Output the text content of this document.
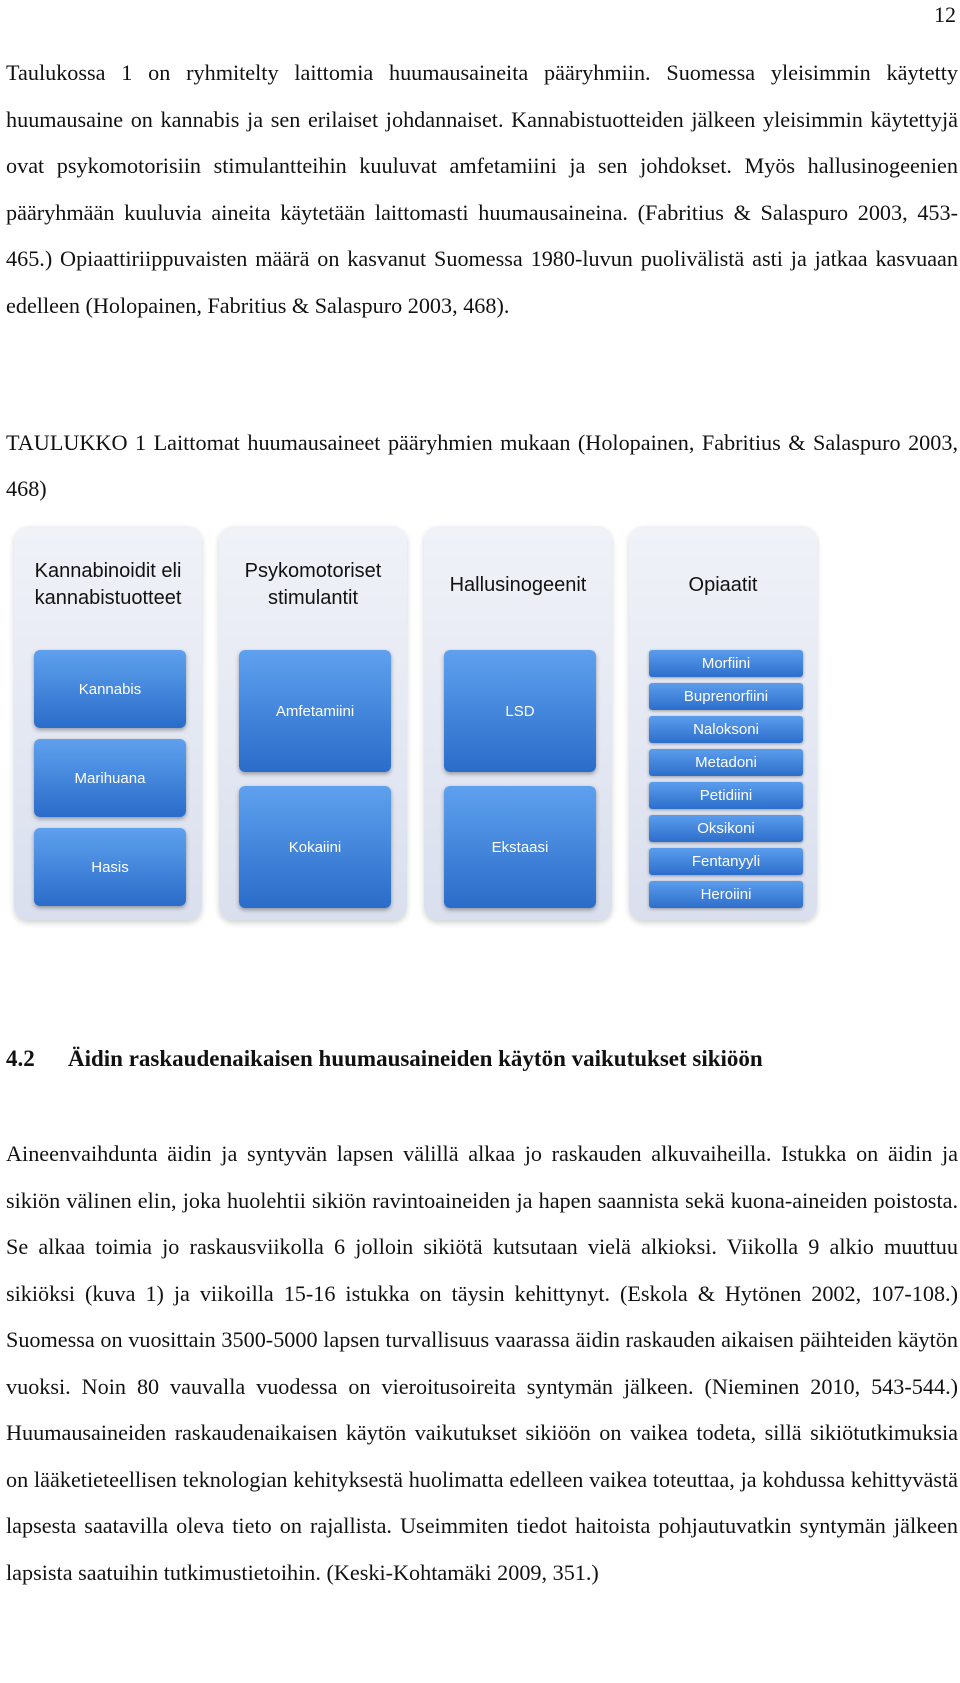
12

Taulukossa 1 on ryhmitelty laittomia huumausaineita pääryhmiin. Suomessa yleisimmin käytetty huumausaine on kannabis ja sen erilaiset johdannaiset. Kannabistuotteiden jälkeen yleisimmin käytettyjä ovat psykomotorisiin stimulantteihin kuuluvat amfetamiini ja sen johdokset. Myös hallusinogeenien pääryhmään kuuluvia aineita käytetään laittomasti huumausaineina. (Fabritius & Salaspuro 2003, 453-465.) Opiaattiriippuvaisten määrä on kasvanut Suomessa 1980-luvun puolivälistä asti ja jatkaa kasvuaan edelleen (Holopainen, Fabritius & Salaspuro 2003, 468).

TAULUKKO 1 Laittomat huumausaineet pääryhmien mukaan (Holopainen, Fabritius & Salaspuro 2003, 468)

Kannabinoidit eli
kannabistuotteet
Kannabis
Marihuana
Hasis
Psykomotoriset
stimulantit
Amfetamiini
Kokaiini
Hallusinogeenit

LSD
Ekstaasi
Opiaatit

Morfiini
Buprenorfiini
Naloksoni
Metadoni
Petidiini
Oksikoni
Fentanyyli
Heroiini
4.2 Äidin raskaudenaikaisen huumausaineiden käytön vaikutukset sikiöön

Aineenvaihdunta äidin ja syntyvän lapsen välillä alkaa jo raskauden alkuvaiheilla. Istukka on äidin ja sikiön välinen elin, joka huolehtii sikiön ravintoaineiden ja hapen saannista sekä kuona-aineiden poistosta. Se alkaa toimia jo raskausviikolla 6 jolloin sikiötä kutsutaan vielä alkioksi. Viikolla 9 alkio muuttuu sikiöksi (kuva 1) ja viikoilla 15-16 istukka on täysin kehittynyt. (Eskola & Hytönen 2002, 107-108.) Suomessa on vuosittain 3500-5000 lapsen turvallisuus vaarassa äidin raskauden aikaisen päihteiden käytön vuoksi. Noin 80 vauvalla vuodessa on vieroitusoireita syntymän jälkeen. (Nieminen 2010, 543-544.) Huumausaineiden raskaudenaikaisen käytön vaikutukset sikiöön on vaikea todeta, sillä sikiötutkimuksia on lääketieteellisen teknologian kehityksestä huolimatta edelleen vaikea toteuttaa, ja kohdussa kehittyvästä lapsesta saatavilla oleva tieto on rajallista. Useimmiten tiedot haitoista pohjautuvatkin syntymän jälkeen lapsista saatuihin tutkimustietoihin. (Keski-Kohtamäki 2009, 351.)
